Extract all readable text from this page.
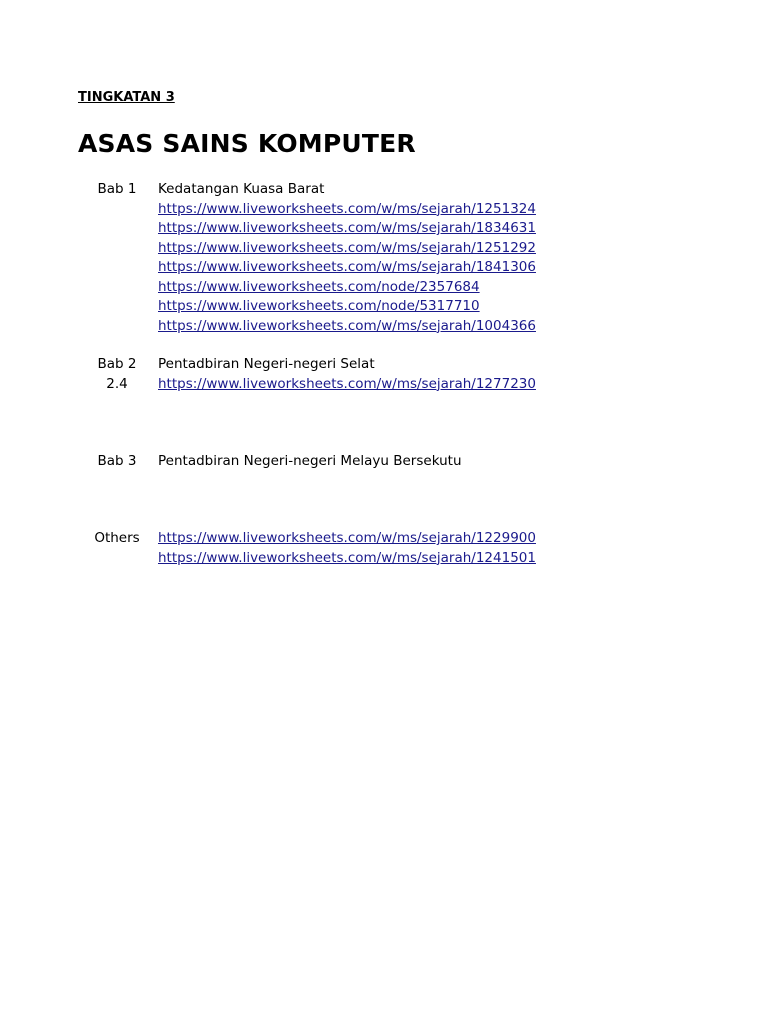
TINGKATAN 3
ASAS SAINS KOMPUTER
Bab 1	Kedatangan Kuasa Barat
https://www.liveworksheets.com/w/ms/sejarah/1251324
https://www.liveworksheets.com/w/ms/sejarah/1834631
https://www.liveworksheets.com/w/ms/sejarah/1251292
https://www.liveworksheets.com/w/ms/sejarah/1841306
https://www.liveworksheets.com/node/2357684
https://www.liveworksheets.com/node/5317710
https://www.liveworksheets.com/w/ms/sejarah/1004366
Bab 2	Pentadbiran Negeri-negeri Selat
2.4	https://www.liveworksheets.com/w/ms/sejarah/1277230
Bab 3	Pentadbiran Negeri-negeri Melayu Bersekutu
Others	https://www.liveworksheets.com/w/ms/sejarah/1229900
https://www.liveworksheets.com/w/ms/sejarah/1241501
